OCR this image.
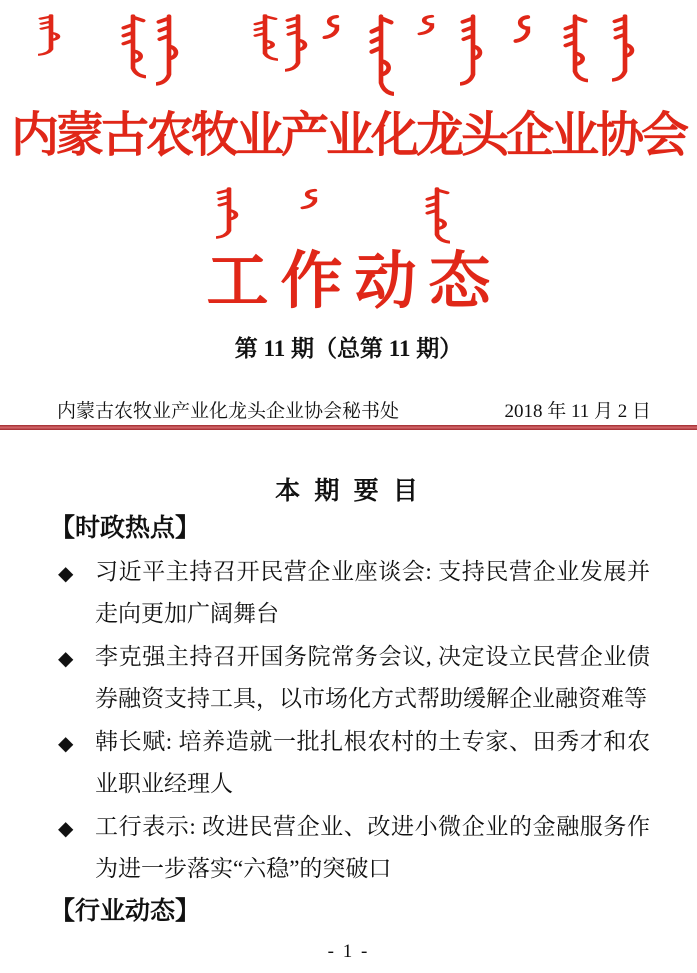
内蒙古农牧业产业化龙头企业协会
工作动态
第 11 期（总第 11 期）
内蒙古农牧业产业化龙头企业协会秘书处	2018 年 11 月 2 日
本 期 要 目
【时政热点】
◆ 习近平主持召开民营企业座谈会: 支持民营企业发展并走向更加广阔舞台
◆ 李克强主持召开国务院常务会议, 决定设立民营企业债券融资支持工具，以市场化方式帮助缓解企业融资难等
◆ 韩长赋: 培养造就一批扎根农村的土专家、田秀才和农业职业经理人
◆ 工行表示: 改进民营企业、改进小微企业的金融服务作为进一步落实“六稳”的突破口
【行业动态】
- 1 -
